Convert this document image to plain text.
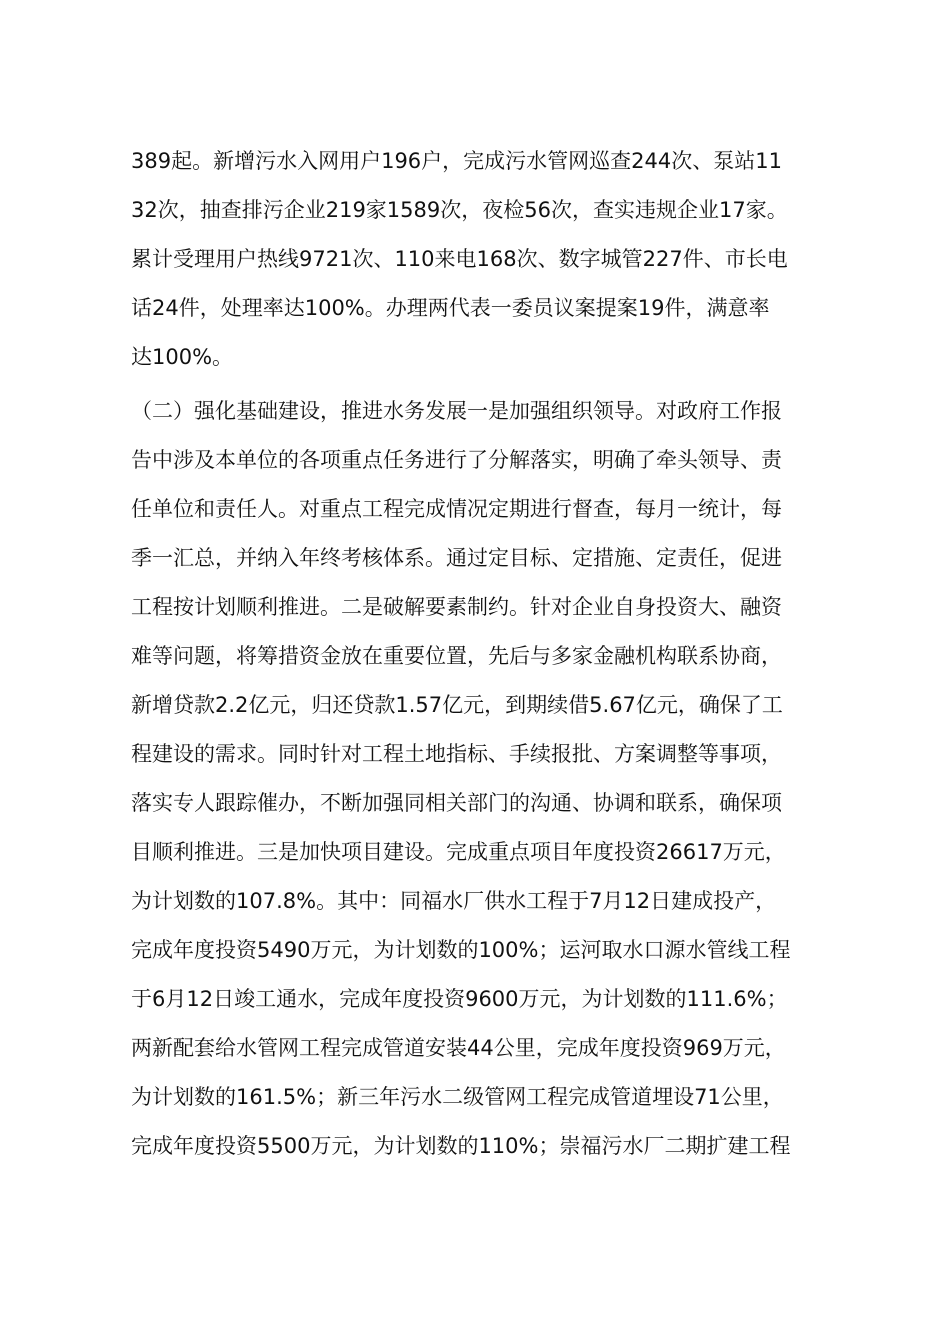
389起。新增污水入网用户196户，完成污水管网巡查244次、泵站11
32次，抽查排污企业219家1589次，夜检56次，查实违规企业17家。
累计受理用户热线9721次、110来电168次、数字城管227件、市长电
话24件，处理率达100%。办理两代表一委员议案提案19件，满意率
达100%。
（二）强化基础建设，推进水务发展一是加强组织领导。对政府工作报
告中涉及本单位的各项重点任务进行了分解落实，明确了牵头领导、责
任单位和责任人。对重点工程完成情况定期进行督查，每月一统计，每
季一汇总，并纳入年终考核体系。通过定目标、定措施、定责任，促进
工程按计划顺利推进。二是破解要素制约。针对企业自身投资大、融资
难等问题，将筹措资金放在重要位置，先后与多家金融机构联系协商，
新增贷款2.2亿元，归还贷款1.57亿元，到期续借5.67亿元，确保了工
程建设的需求。同时针对工程土地指标、手续报批、方案调整等事项，
落实专人跟踪催办，不断加强同相关部门的沟通、协调和联系，确保项
目顺利推进。三是加快项目建设。完成重点项目年度投资26617万元，
为计划数的107.8%。其中：同福水厂供水工程于7月12日建成投产，
完成年度投资5490万元，为计划数的100%；运河取水口源水管线工程
于6月12日竣工通水，完成年度投资9600万元，为计划数的111.6%；
两新配套给水管网工程完成管道安装44公里，完成年度投资969万元，
为计划数的161.5%；新三年污水二级管网工程完成管道埋设71公里，
完成年度投资5500万元，为计划数的110%；崇福污水厂二期扩建工程
